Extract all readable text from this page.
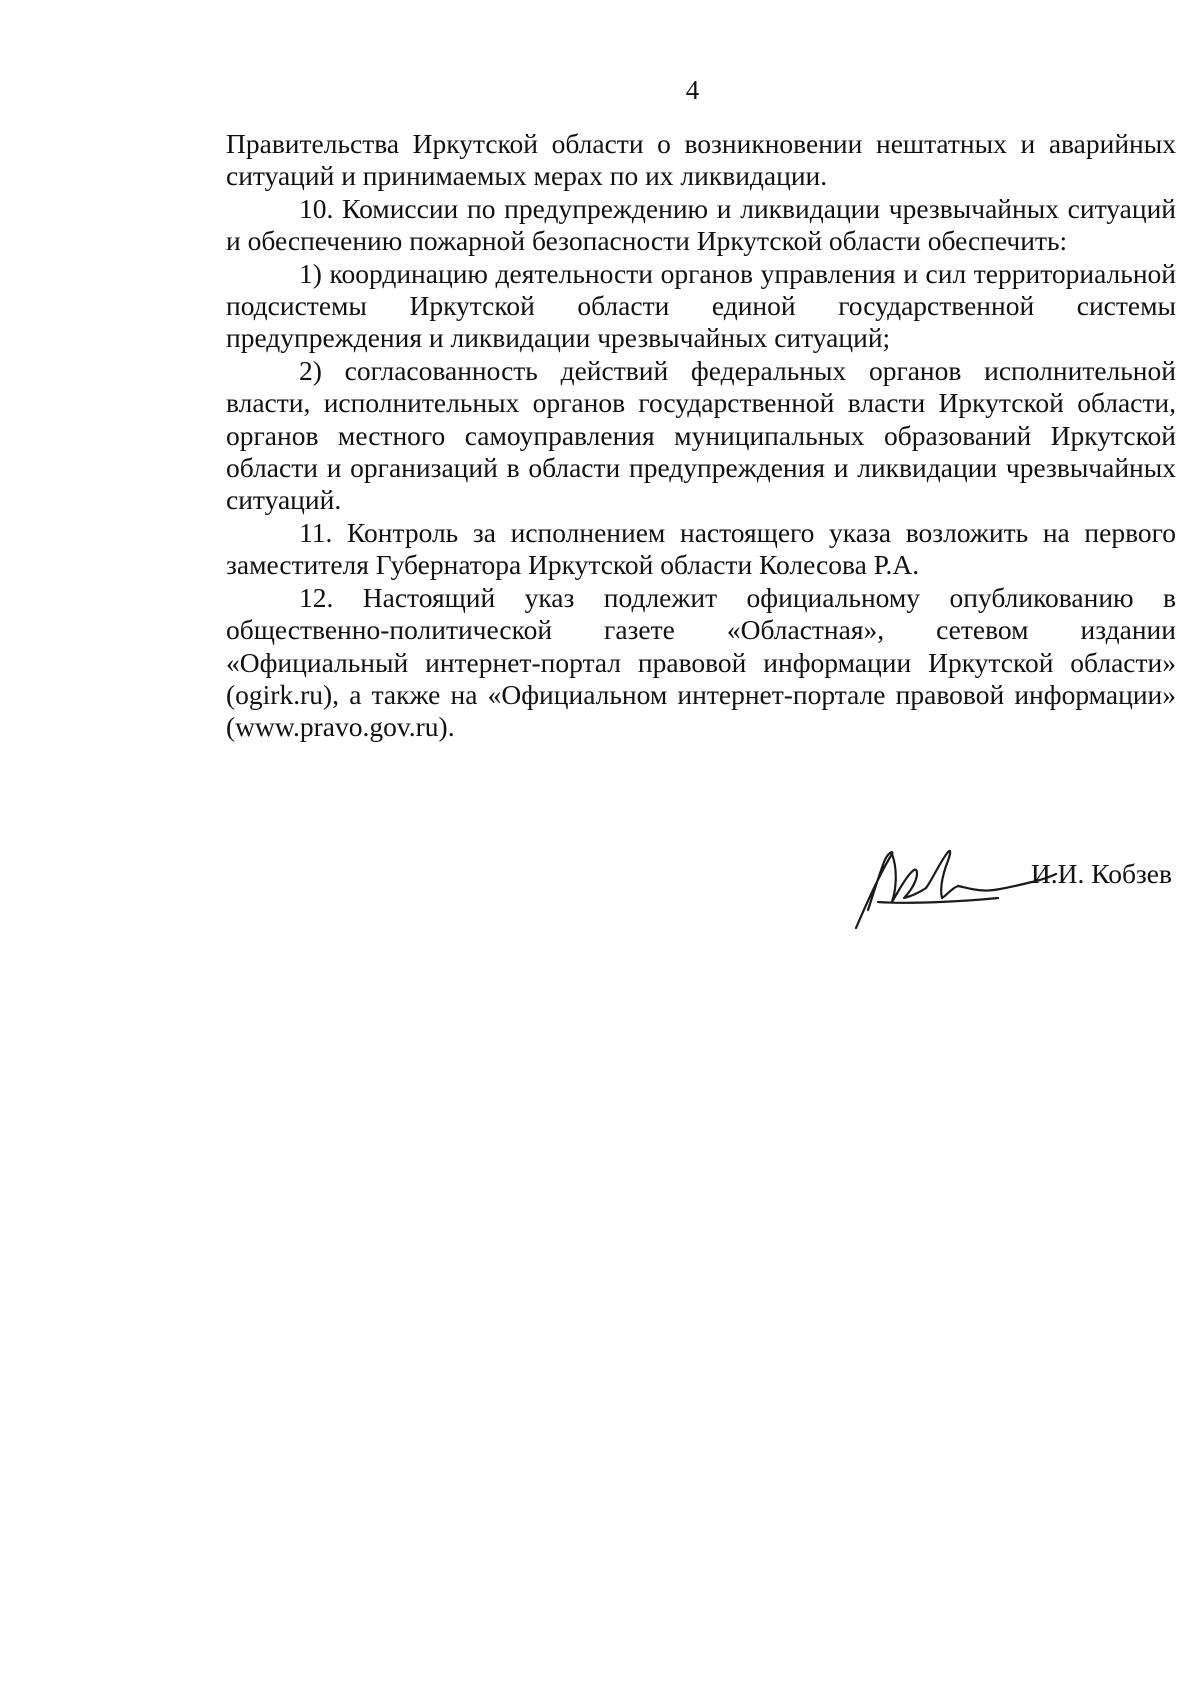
4

Правительства Иркутской области о возникновении нештатных и аварийных ситуаций и принимаемых мерах по их ликвидации.

10. Комиссии по предупреждению и ликвидации чрезвычайных ситуаций и обеспечению пожарной безопасности Иркутской области обеспечить:

1) координацию деятельности органов управления и сил территориальной подсистемы Иркутской области единой государственной системы предупреждения и ликвидации чрезвычайных ситуаций;

2) согласованность действий федеральных органов исполнительной власти, исполнительных органов государственной власти Иркутской области, органов местного самоуправления муниципальных образований Иркутской области и организаций в области предупреждения и ликвидации чрезвычайных ситуаций.

11. Контроль за исполнением настоящего указа возложить на первого заместителя Губернатора Иркутской области Колесова Р.А.

12. Настоящий указ подлежит официальному опубликованию в общественно-политической газете «Областная», сетевом издании «Официальный интернет-портал правовой информации Иркутской области» (ogirk.ru), а также на «Официальном интернет-портале правовой информации» (www.pravo.gov.ru).

И.И. Кобзев
